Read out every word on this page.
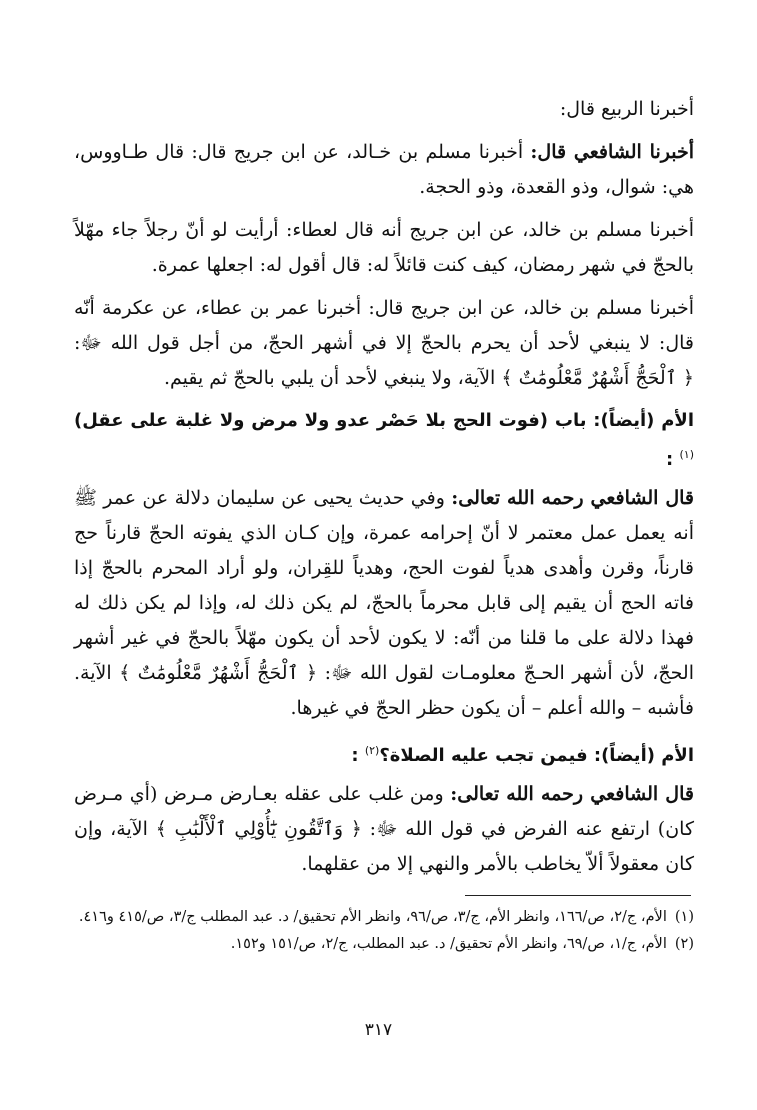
أخبرنا الربيع قال:

أخبرنا الشافعي قال: أخبرنا مسلم بن خـالد، عن ابن جريج قال: قال طـاووس، هي: شوال، وذو القعدة، وذو الحجة.

أخبرنا مسلم بن خالد، عن ابن جريج أنه قال لعطاء: أرأيت لو أنّ رجلاً جاء مهّلاً بالحجّ في شهر رمضان، كيف كنت قائلاً له: قال أقول له: اجعلها عمرة.

أخبرنا مسلم بن خالد، عن ابن جريج قال: أخبرنا عمر بن عطاء، عن عكرمة أنّه قال: لا ينبغي لأحد أن يحرم بالحجّ إلا في أشهر الحجّ، من أجل قول الله ﷻ: ﴿ ٱلْحَجُّ أَشْهُرٌ مَّعْلُومَٰتٌ ﴾ الآية، ولا ينبغي لأحد أن يلبي بالحجّ ثم يقيم.

الأم (أيضاً): باب (فوت الحج بلا حَصْر عدو ولا مرض ولا غلبة على عقل)$^{(١)}$ :

قال الشافعي رحمه الله تعالى: وفي حديث يحيى عن سليمان دلالة عن عمر ﷺ أنه يعمل عمل معتمر لا أنّ إحرامه عمرة، وإن كـان الذي يفوته الحجّ قارناً حج قارناً، وقرن وأهدى هدياً لفوت الحج، وهدياً للقِران، ولو أراد المحرم بالحجّ إذا فاته الحج أن يقيم إلى قابل محرماً بالحجّ، لم يكن ذلك له، وإذا لم يكن ذلك له فهذا دلالة على ما قلنا من أنّه: لا يكون لأحد أن يكون مهّلاً بالحجّ في غير أشهر الحجّ، لأن أشهر الحـجّ معلومـات لقول الله ﷻ: ﴿ ٱلْحَجُّ أَشْهُرٌ مَّعْلُومَٰتٌ ﴾ الآية. فأشبه – والله أعلم – أن يكون حظر الحجّ في غيرها.

الأم (أيضاً): فيمن تجب عليه الصلاة؟$^{(٢)}$ :

قال الشافعي رحمه الله تعالى: ومن غلب على عقله بعـارض مـرض (أي مـرض كان) ارتفع عنه الفرض في قول الله ﷻ: ﴿ وَٱتَّقُونِ يَٰٓأُوْلِي ٱلْأَلْبَٰبِ ﴾ الآية، وإن كان معقولاً ألاّ يخاطب بالأمر والنهي إلا من عقلهما.

(١)الأم، ج/٢، ص/١٦٦، وانظر الأم، ج/٣، ص/٩٦، وانظر الأم تحقيق/ د. عبد المطلب ج/٣، ص/٤١٥ و٤١٦.

(٢)الأم، ج/١، ص/٦٩، وانظر الأم تحقيق/ د. عبد المطلب، ج/٢، ص/١٥١ و١٥٢.

٣١٧
